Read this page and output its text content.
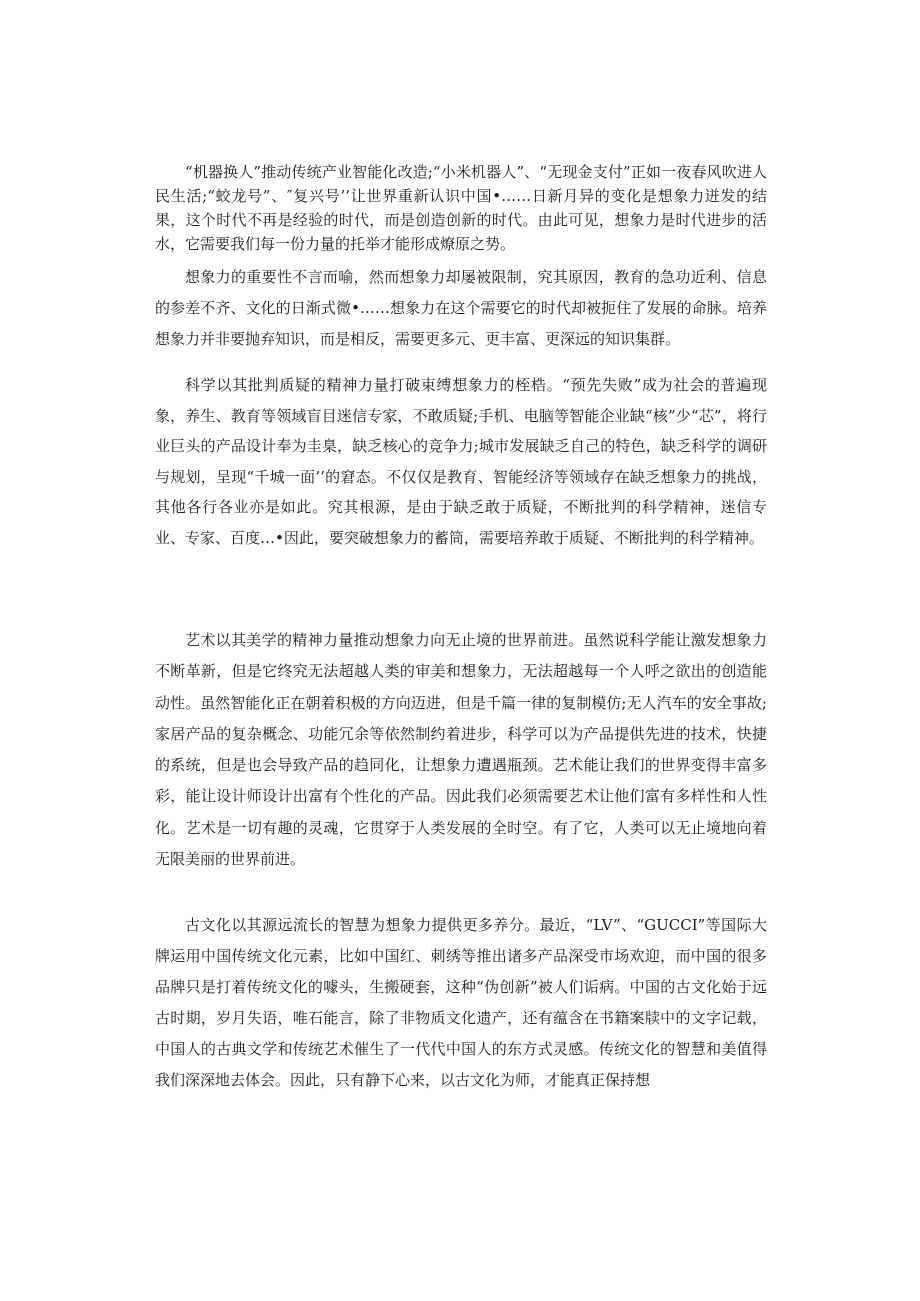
“机器换人”推动传统产业智能化改造;“小米机器人”、“无现金支付”正如一夜春风吹进人民生活;“蛟龙号”、″复兴号’’让世界重新认识中国•……日新月异的变化是想象力迸发的结果，这个时代不再是经验的时代，而是创造创新的时代。由此可见，想象力是时代进步的活水，它需要我们每一份力量的托举才能形成燎原之势。

想象力的重要性不言而喻，然而想象力却屡被限制，究其原因，教育的急功近利、信息的参差不齐、文化的日渐式微•……想象力在这个需要它的时代却被扼住了发展的命脉。培养想象力并非要抛弃知识，而是相反，需要更多元、更丰富、更深远的知识集群。

科学以其批判质疑的精神力量打破束缚想象力的桎梏。“预先失败”成为社会的普遍现象，养生、教育等领域盲目迷信专家，不敢质疑;手机、电脑等智能企业缺“核”少“芯”，将行业巨头的产品设计奉为圭臬，缺乏核心的竞争力;城市发展缺乏自己的特色，缺乏科学的调研与规划，呈现“千城一面’’的窘态。不仅仅是教育、智能经济等领域存在缺乏想象力的挑战，其他各行各业亦是如此。究其根源，是由于缺乏敢于质疑，不断批判的科学精神，迷信专业、专家、百度…•因此，要突破想象力的蓄筒，需要培养敢于质疑、不断批判的科学精神。

艺术以其美学的精神力量推动想象力向无止境的世界前进。虽然说科学能让激发想象力不断革新，但是它终究无法超越人类的审美和想象力，无法超越每一个人呼之欲出的创造能动性。虽然智能化正在朝着积极的方向迈进，但是千篇一律的复制模仿;无人汽车的安全事故;家居产品的复杂概念、功能冗余等依然制约着进步，科学可以为产品提供先进的技术，快捷的系统，但是也会导致产品的趋同化，让想象力遭遇瓶颈。艺术能让我们的世界变得丰富多彩，能让设计师设计出富有个性化的产品。因此我们必须需要艺术让他们富有多样性和人性化。艺术是一切有趣的灵魂，它贯穿于人类发展的全时空。有了它，人类可以无止境地向着无限美丽的世界前进。

古文化以其源远流长的智慧为想象力提供更多养分。最近，“LV”、“GUCCI”等国际大牌运用中国传统文化元素，比如中国红、刺绣等推出诸多产品深受市场欢迎，而中国的很多品牌只是打着传统文化的噱头，生搬硬套，这种“伪创新”被人们诟病。中国的古文化始于远古时期，岁月失语，唯石能言，除了非物质文化遗产，还有蕴含在书籍案牍中的文字记载，中国人的古典文学和传统艺术催生了一代代中国人的东方式灵感。传统文化的智慧和美值得我们深深地去体会。因此，只有静下心来，以古文化为师，才能真正保持想
